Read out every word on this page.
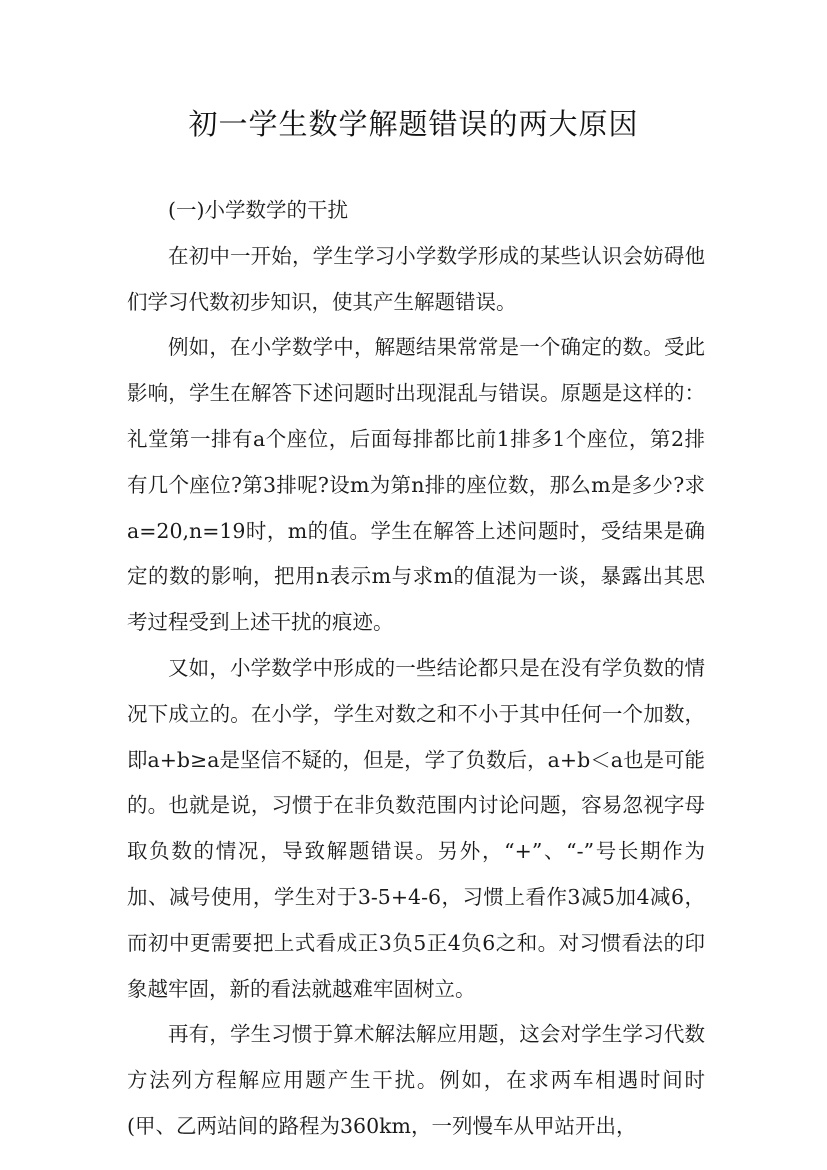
初一学生数学解题错误的两大原因

(一)小学数学的干扰

在初中一开始，学生学习小学数学形成的某些认识会妨碍他们学习代数初步知识，使其产生解题错误。

例如，在小学数学中，解题结果常常是一个确定的数。受此影响，学生在解答下述问题时出现混乱与错误。原题是这样的：礼堂第一排有a个座位，后面每排都比前1排多1个座位，第2排有几个座位?第3排呢?设m为第n排的座位数，那么m是多少?求a=20,n=19时，m的值。学生在解答上述问题时，受结果是确定的数的影响，把用n表示m与求m的值混为一谈，暴露出其思考过程受到上述干扰的痕迹。

又如，小学数学中形成的一些结论都只是在没有学负数的情况下成立的。在小学，学生对数之和不小于其中任何一个加数，即a+b≥a是坚信不疑的，但是，学了负数后，a+b＜a也是可能的。也就是说，习惯于在非负数范围内讨论问题，容易忽视字母取负数的情况，导致解题错误。另外，“+”、“-”号长期作为加、减号使用，学生对于3-5+4-6，习惯上看作3减5加4减6，而初中更需要把上式看成正3负5正4负6之和。对习惯看法的印象越牢固，新的看法就越难牢固树立。

再有，学生习惯于算术解法解应用题，这会对学生学习代数方法列方程解应用题产生干扰。例如，在求两车相遇时间时(甲、乙两站间的路程为360km，一列慢车从甲站开出，
